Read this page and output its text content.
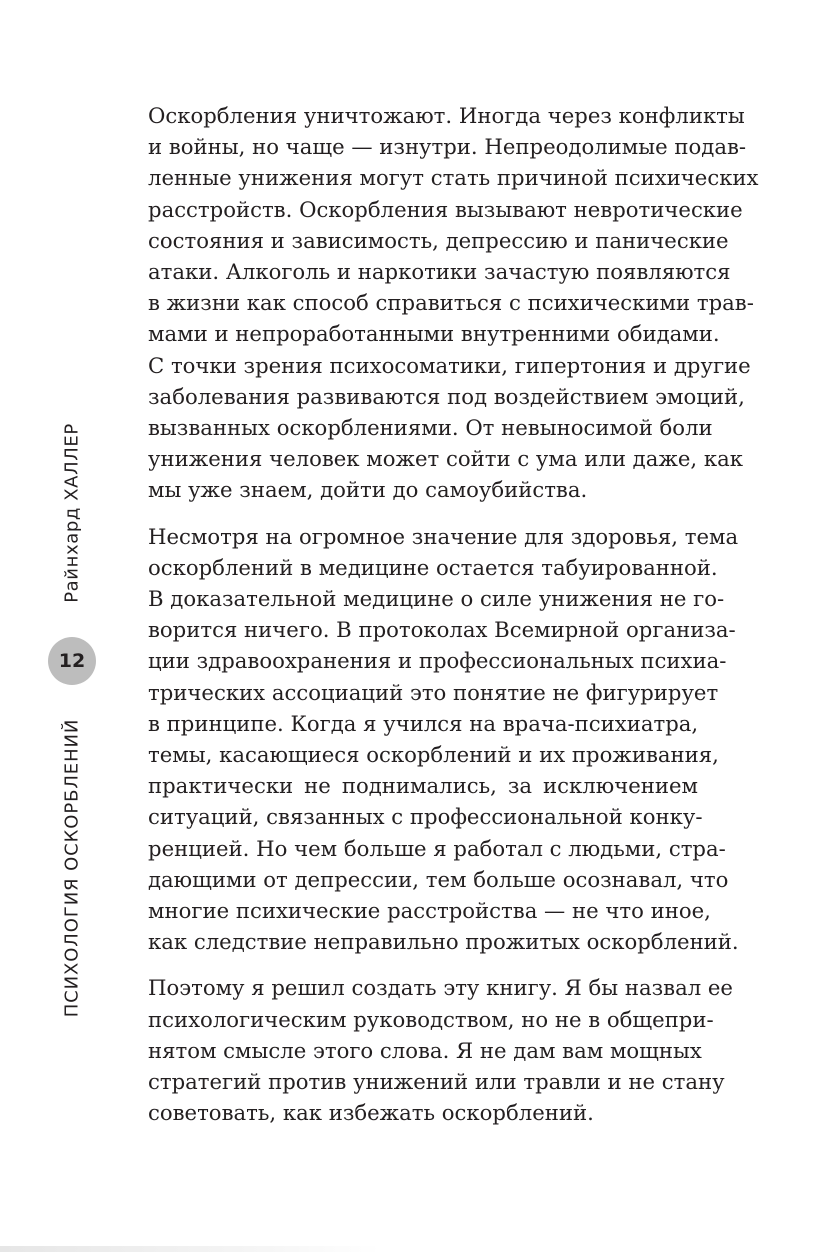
Райнхард ХАЛЛЕР
12
ПСИХОЛОГИЯ ОСКОРБЛЕНИЙ
Оскорбления уничтожают. Иногда через конфликты
и войны, но чаще — изнутри. Непреодолимые подав-
ленные унижения могут стать причиной психических
расстройств. Оскорбления вызывают невротические
состояния и зависимость, депрессию и панические
атаки. Алкоголь и наркотики зачастую появляются
в жизни как способ справиться с психическими трав-
мами и непроработанными внутренними обидами.
С точки зрения психосоматики, гипертония и другие
заболевания развиваются под воздействием эмоций,
вызванных оскорблениями. От невыносимой боли
унижения человек может сойти с ума или даже, как
мы уже знаем, дойти до самоубийства.
Несмотря на огромное значение для здоровья, тема
оскорблений в медицине остается табуированной.
В доказательной медицине о силе унижения не го-
ворится ничего. В протоколах Всемирной организа-
ции здравоохранения и профессиональных психиа-
трических ассоциаций это понятие не фигурирует
в принципе. Когда я учился на врача-психиатра,
темы, касающиеся оскорблений и их проживания,
практически не поднимались, за исключением
ситуаций, связанных с профессиональной конку-
ренцией. Но чем больше я работал с людьми, стра-
дающими от депрессии, тем больше осознавал, что
многие психические расстройства — не что иное,
как следствие неправильно прожитых оскорблений.
Поэтому я решил создать эту книгу. Я бы назвал ее
психологическим руководством, но не в общепри-
нятом смысле этого слова. Я не дам вам мощных
стратегий против унижений или травли и не стану
советовать, как избежать оскорблений.
